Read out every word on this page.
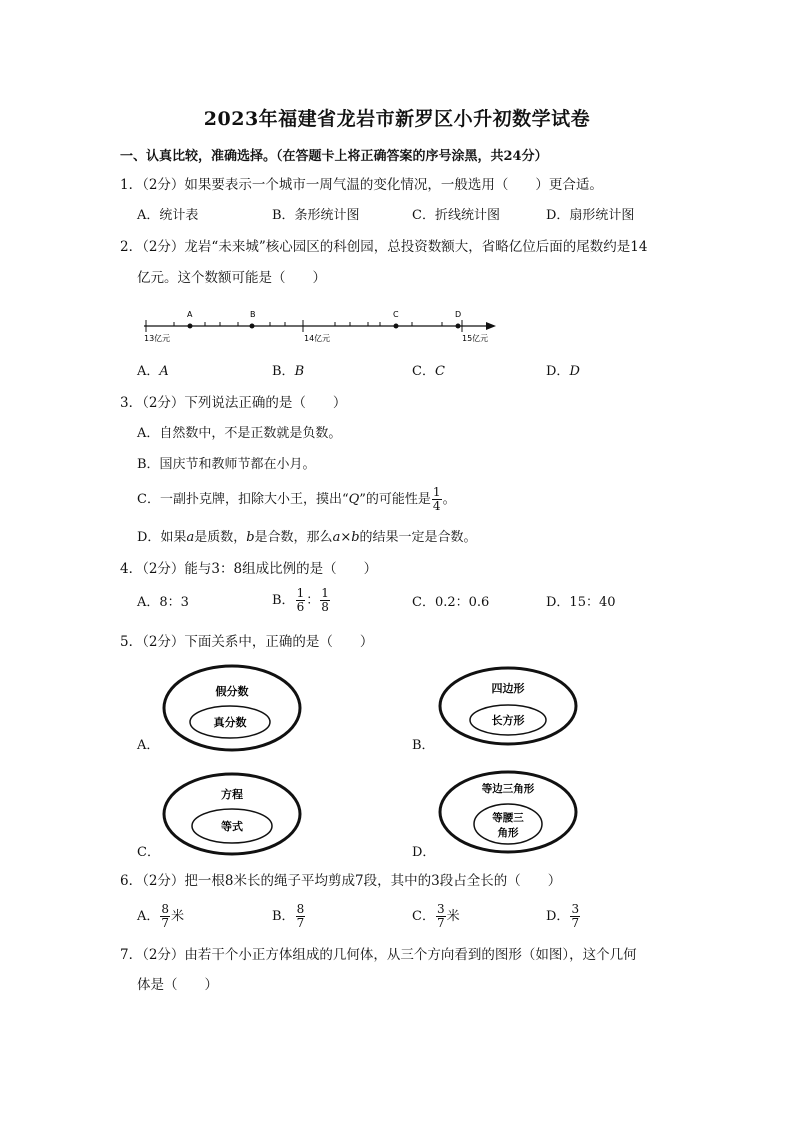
2023年福建省龙岩市新罗区小升初数学试卷
一、认真比较，准确选择。（在答题卡上将正确答案的序号涂黑，共24分）
1．（2分）如果要表示一个城市一周气温的变化情况，一般选用（　　）更合适。
A．统计表	B．条形统计图	C．折线统计图	D．扇形统计图
2．（2分）龙岩“未来城”核心园区的科创园，总投资数额大，省略亿位后面的尾数约是14
亿元。这个数额可能是（　　）
A	B	C	D
13亿元	14亿元	15亿元
A．A	B．B	C．C	D．D
3．（2分）下列说法正确的是（　　）
A．自然数中，不是正数就是负数。
B．国庆节和教师节都在小月。
C．一副扑克牌，扣除大小王，摸出“Q”的可能性是 $\frac{1}{4}$ 。
D．如果a是质数，b是合数，那么a×b的结果一定是合数。
4．（2分）能与3：8组成比例的是（　　）
A．8：3	B． $\frac{1}{6}$ ： $\frac{1}{8}$	C．0.2：0.6	D．15：40
5．（2分）下面关系中，正确的是（　　）
假分数
真分数
A．
四边形
长方形
B．
方程
等式
C．
等边三角形
等腰三
角形
D．
6．（2分）把一根8米长的绳子平均剪成7段，其中的3段占全长的（　　）
A． $\frac{8}{7}$ 米	B． $\frac{8}{7}$	C． $\frac{3}{7}$ 米	D． $\frac{3}{7}$
7．（2分）由若干个小正方体组成的几何体，从三个方向看到的图形（如图），这个几何
体是（　　）
